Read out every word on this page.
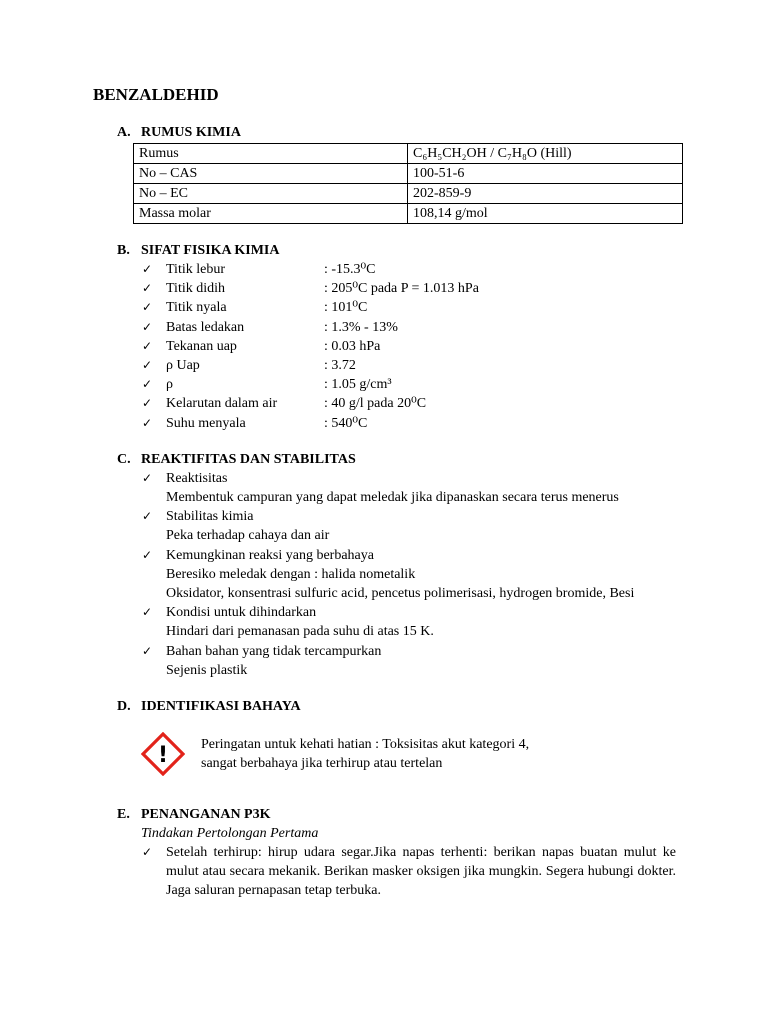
BENZALDEHID
A. RUMUS KIMIA
Rumus	C₆H₅CH₂OH / C₇H₈O (Hill)
No – CAS	100-51-6
No – EC	202-859-9
Massa molar	108,14 g/mol
B. SIFAT FISIKA KIMIA
✓ Titik lebur	: -15.3⁰C
✓ Titik didih	: 205⁰C pada P = 1.013 hPa
✓ Titik nyala	: 101⁰C
✓ Batas ledakan	: 1.3% - 13%
✓ Tekanan uap	: 0.03 hPa
✓ ρ Uap	: 3.72
✓ ρ	: 1.05 g/cm³
✓ Kelarutan dalam air	: 40 g/l pada 20⁰C
✓ Suhu menyala	: 540⁰C
C. REAKTIFITAS DAN STABILITAS
✓ Reaktisitas
Membentuk campuran yang dapat meledak jika dipanaskan secara terus menerus
✓ Stabilitas kimia
Peka terhadap cahaya dan air
✓ Kemungkinan reaksi yang berbahaya
Beresiko meledak dengan : halida nometalik
Oksidator, konsentrasi sulfuric acid, pencetus polimerisasi, hydrogen bromide, Besi
✓ Kondisi untuk dihindarkan
Hindari dari pemanasan pada suhu di atas 15 K.
✓ Bahan bahan yang tidak tercampurkan
Sejenis plastik
D. IDENTIFIKASI BAHAYA
! Peringatan untuk kehati hatian : Toksisitas akut kategori 4,
sangat berbahaya jika terhirup atau tertelan
E. PENANGANAN P3K
Tindakan Pertolongan Pertama
✓ Setelah terhirup: hirup udara segar.Jika napas terhenti: berikan napas buatan mulut ke mulut atau secara mekanik. Berikan masker oksigen jika mungkin. Segera hubungi dokter. Jaga saluran pernapasan tetap terbuka.
